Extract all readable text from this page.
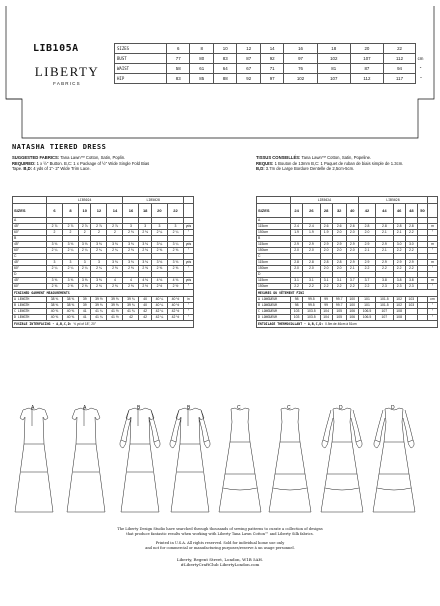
LIB105A
LIBERTY
FABRICS
SIZES	6	8	10	12	14	16	18	20	22	
BUST	77	80	83	87	92	97	102	107	112	cm
WAIST	58	61	64	67	71	76	81	87	94	"
HIP	83	85	88	92	97	102	107	112	117	"
NATASHA TIERED DRESS

SUGGESTED FABRICS: Tana Lawn™ Cotton, Satin, Poplin.

REQUIRED: 1 x ½" Button. B,C: 1 x Package of ½" Wide Single Fold Bias

Tape. B,D: 4 yds of 1"- 2" Wide Trim Lace.

TISSUS CONSEILLÉS: Tana Lawn™ Cotton, Satin, Popeline.

REQUIS: 1 Bouton de 13mm B,C: 1 Paquet de ruban de biais simple de 1.3cm.

B,D: 3.7m de Large Bordure Dentelle de 2,5cm-5cm.

	LIB5024					LIB5028				
SIZES	6	8	10	12	14	16	18	20	22	
A										
45"	2 ⅞	2 ⅞	2 ⅞	2 ⅞	2 ⅞	3	3	3	3	yds
60"	2	2	2	2	2	2 ⅛	2 ⅛	2 ¼	2 ¼	"
B										
45"	3 ⅛	3 ⅛	3 ⅛	3 ⅛	3 ⅛	3 ⅛	3 ⅛	3 ¼	3 ¼	yds
60"	2 ¼	2 ¼	2 ¼	2 ¼	2 ¼	2 ⅛	2 ⅛	2 ⅜	2 ⅜	"
C										
45"	3	3	3	3	3 ⅛	3 ⅛	3 ⅛	3 ⅛	3 ⅛	yds
60"	2 ¼	2 ¼	2 ¼	2 ¼	2 ⅜	2 ⅜	2 ⅜	2 ⅜	2 ⅜	"
D										
45"	3 ⅜	3 ⅜	3 ⅜	3 ⅜	4	4	4 ⅛	4 ⅛	4 ⅛	yds
60"	2 ⅜	2 ⅜	2 ⅜	2 ⅜	2 ⅜	2 ⅜	2 ½	2 ½	2 ½	"
FINISHED GARMENT MEASUREMENTS										
A LENGTH	38 ⅜	38 ⅝	39	39 ½	39 ⅝	39 ¾	40	40 ¼	40 ½	in
B LENGTH	38 ⅜	38 ⅝	39	39 ⅛	39 ⅝	39 ¾	40	40 ¼	40 ½	"
C LENGTH	40 ⅝	40 ⅝	41	41 ¼	41 ½	41 ¾	42	42 ¼	42 ½	"
D LENGTH	40 ⅝	40 ⅝	41	41 ¼	41 ½	42	42	42 ¼	42 ½	"
FUSIBLE INTERFACING - A,B,C,D: ⅓ yd of 18", 20"										
	LIB502A					LIB5028					
SIZES	24	26	28	32	40	42	44	46	48	50	
A											
115cm	2.4	2.4	2.6	2.6	2.6	2.8	2.8	2.8	2.8		m
150cm	1.9	1.9	1.9	2.0	2.0	2.0	2.1	2.1	2.2		"
B											
115cm	2.9	2.9	2.9	2.9	2.9	2.9	2.9	3.0	3.0		m
150cm	2.0	2.0	2.0	2.0	2.0	2.1	2.1	2.2	2.2		"
C											
115cm	2.8	2.8	2.8	2.8	2.9	2.9	2.9	2.9	2.9		m
150cm	2.0	2.0	2.0	2.0	2.1	2.2	2.2	2.2	2.2		"
D											
115cm	3.1	3.1	3.1	3.1	3.7	3.7	3.8	3.8	3.8		m
150cm	2.2	2.2	2.2	2.2	2.2	2.2	2.3	2.3	2.3		"
MESURES DU VÊTEMENT FINI											
A LONGUEUR	98	99.5	99	99.7	100	101	101.5	102	103		cm
B LONGUEUR	98	99.5	99	99.7	100	101	101.5	102	103		"
C LONGUEUR	103	103.5	104	105	106	106.5	107	108			"
D LONGUEUR	103	103.5	104	105	106	106.5	107	108			"
ENTOILAGE THERMOCOLLANT - A,B,C,D: 0.5m de 46cm à 51cm											
A	A	B	B	C	C	D	D

The Liberty Design Studio have searched through thousands of sewing patterns to curate a collection of designs

that produce fantastic results when working with Liberty Tana Lawn Cotton™ and Liberty Silk fabrics.

Printed in U.S.A. All rights reserved. Sold for individual home use only

and not for commercial or manufacturing purposes/reserve à un usage personnel.

Liberty, Regent Street, London, W1B 5AH.

#LibertyCraftClub LibertyLondon.com
